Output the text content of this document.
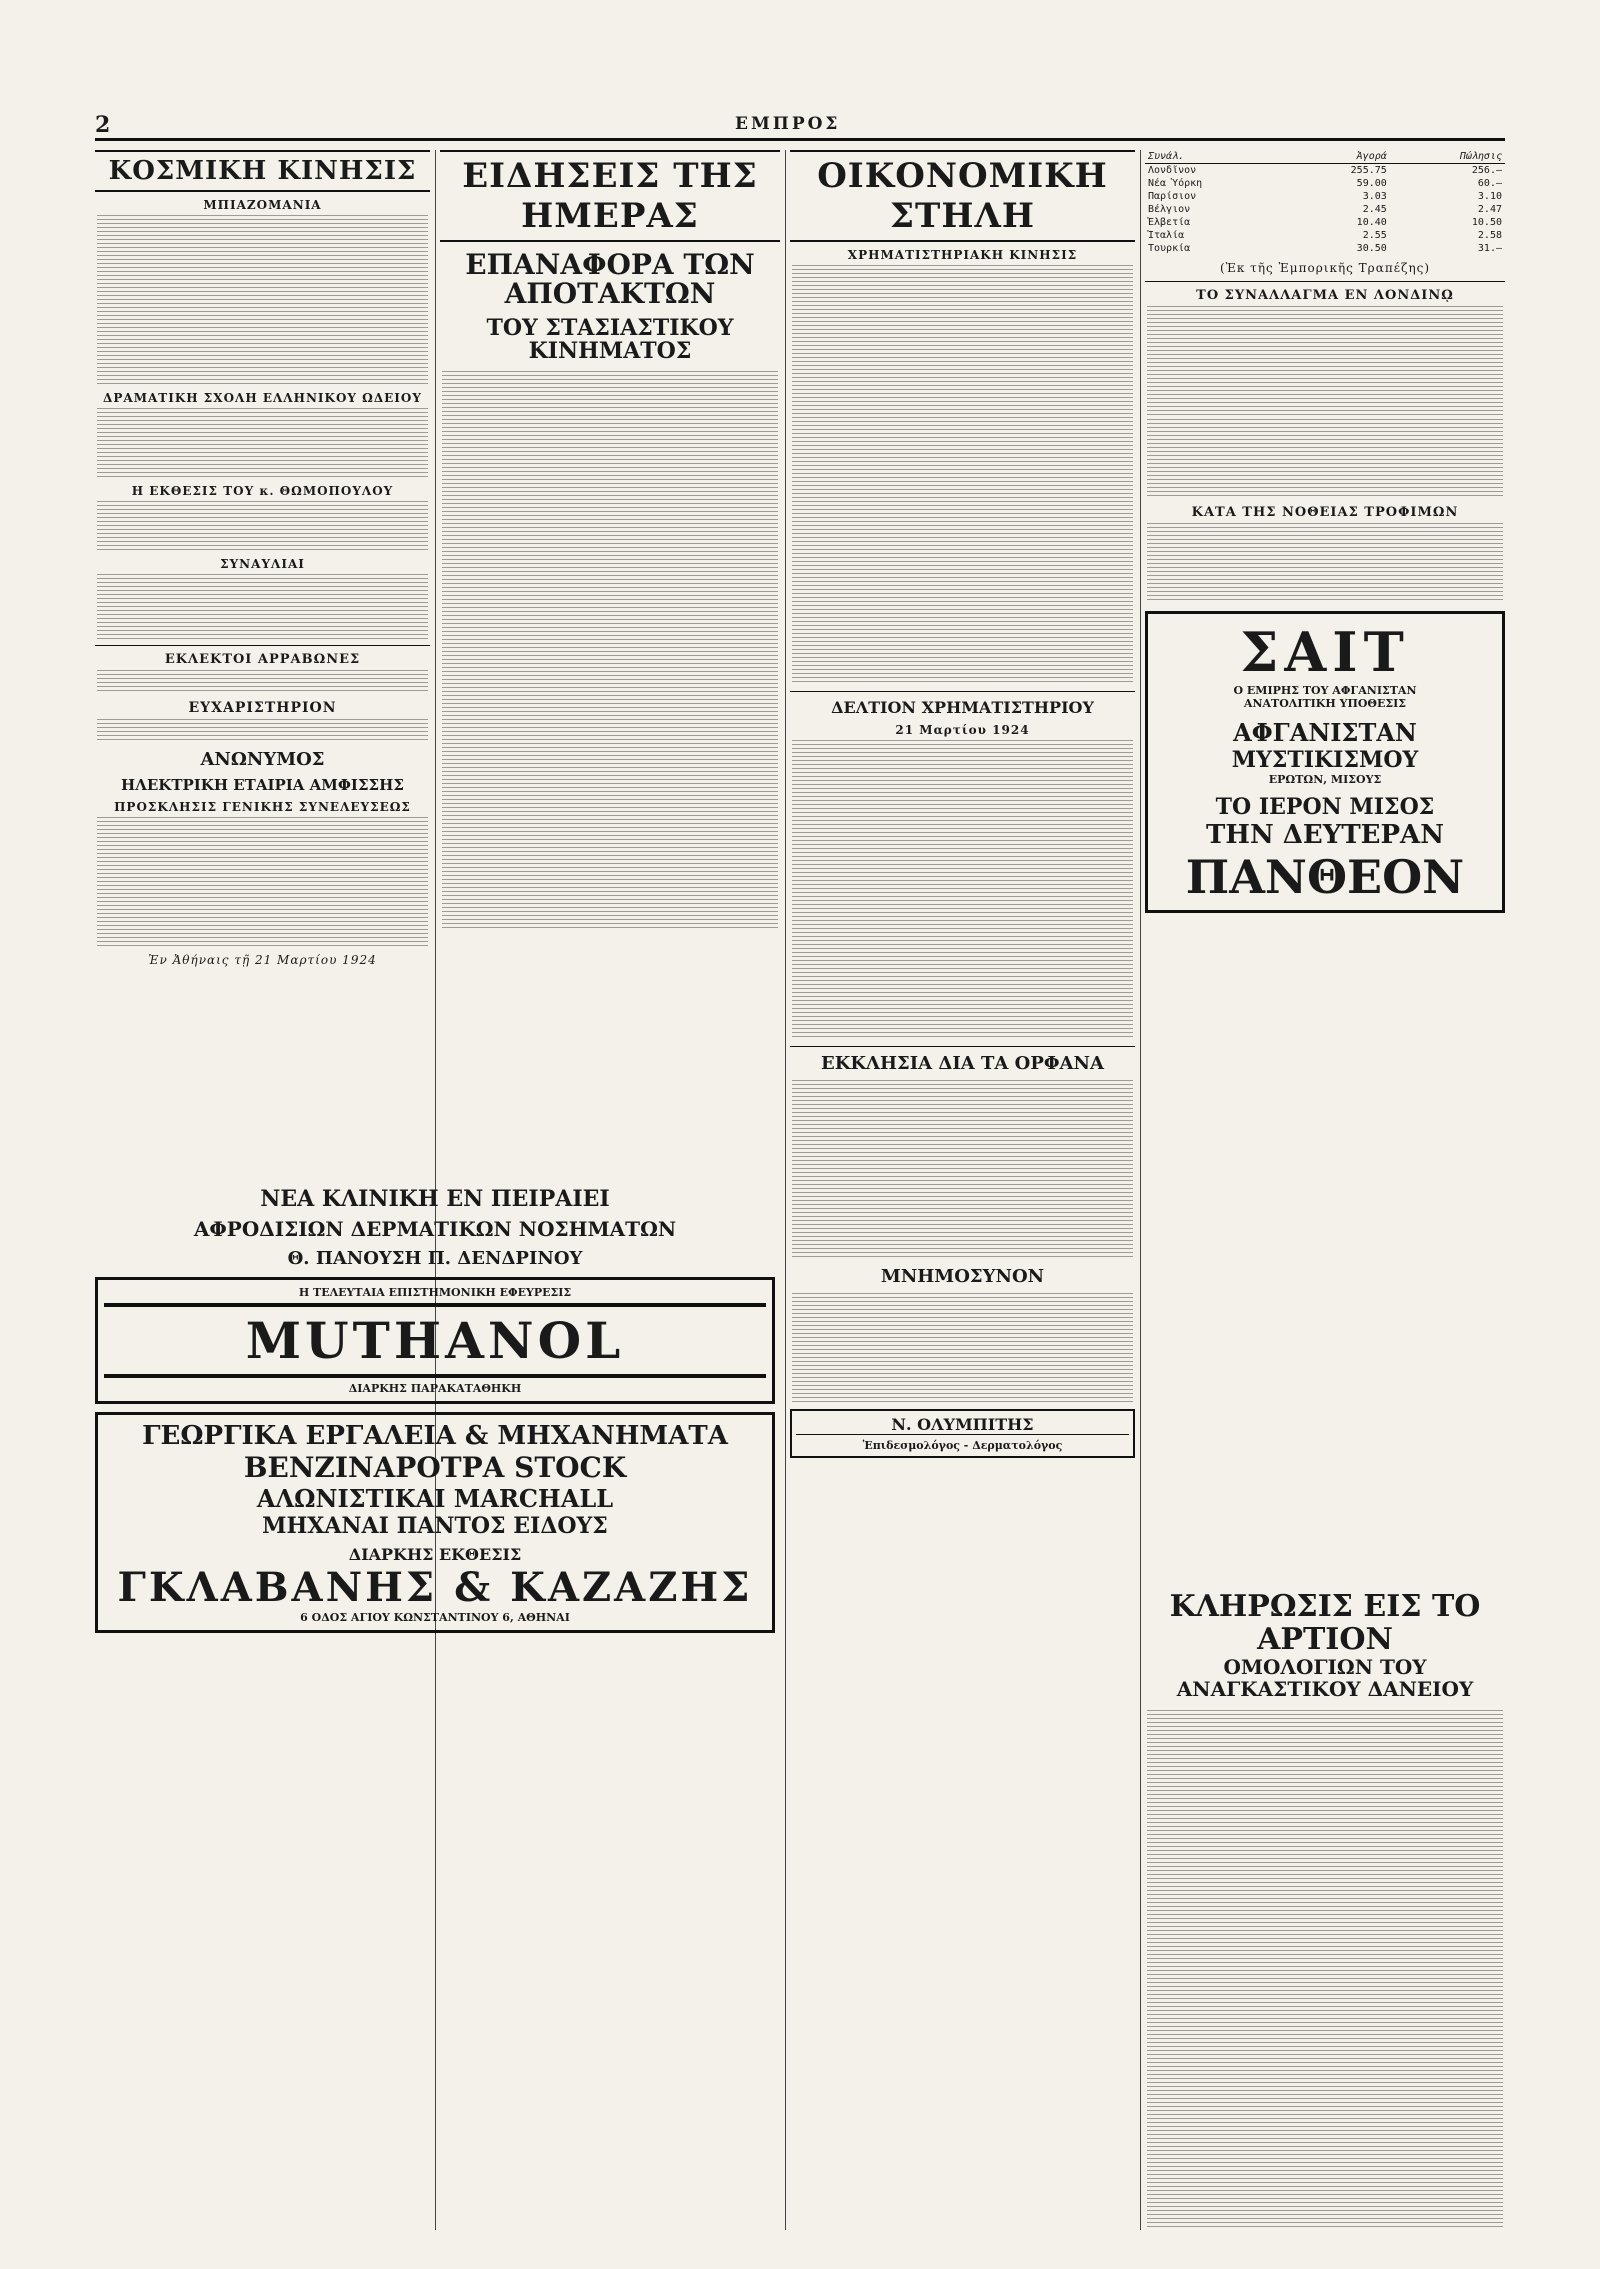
2	ΕΜΠΡΟΣ
ΚΟΣΜΙΚΗ ΚΙΝΗΣΙΣ
ΜΠΙΑΖΟΜΑΝΙΑ
ΔΡΑΜΑΤΙΚΗ ΣΧΟΛΗ ΕΛΛΗΝΙΚΟΥ ΩΔΕΙΟΥ
Η ΕΚΘΕΣΙΣ ΤΟΥ κ. ΘΩΜΟΠΟΥΛΟΥ
ΣΥΝΑΥΛΙΑΙ
ΕΚΛΕΚΤΟΙ ΑΡΡΑΒΩΝΕΣ
ΕΥΧΑΡΙΣΤΗΡΙΟΝ
ΑΝΩΝΥΜΟΣ
ΗΛΕΚΤΡΙΚΗ ΕΤΑΙΡΙΑ ΑΜΦΙΣΣΗΣ
ΠΡΟΣΚΛΗΣΙΣ ΓΕΝΙΚΗΣ ΣΥΝΕΛΕΥΣΕΩΣ
Ἐν Ἀθήναις τῇ 21 Μαρτίου 1924
ΕΙΔΗΣΕΙΣ ΤΗΣ ΗΜΕΡΑΣ
ΕΠΑΝΑΦΟΡΑ ΤΩΝ ΑΠΟΤΑΚΤΩΝ
ΤΟΥ ΣΤΑΣΙΑΣΤΙΚΟΥ ΚΙΝΗΜΑΤΟΣ
ΟΙΚΟΝΟΜΙΚΗ ΣΤΗΛΗ
ΧΡΗΜΑΤΙΣΤΗΡΙΑΚΗ ΚΙΝΗΣΙΣ
ΔΕΛΤΙΟΝ ΧΡΗΜΑΤΙΣΤΗΡΙΟΥ
21 Μαρτίου 1924
ΕΚΚΛΗΣΙΑ ΔΙΑ ΤΑ ΟΡΦΑΝΑ
ΜΝΗΜΟΣΥΝΟΝ
Ν. ΟΛΥΜΠΙΤΗΣ
Ἐπιδεσμολόγος - Δερματολόγος
Συνάλ.	Ἀγορά	Πώλησις
Λονδῖνον	255.75	256.—
Νέα Ὑόρκη	59.00	60.—
Παρίσιον	3.03	3.10
Βέλγιον	2.45	2.47
Ἑλβετία	10.40	10.50
Ἰταλία	2.55	2.58
Τουρκία	30.50	31.—
(Ἐκ τῆς Ἐμπορικῆς Τραπέζης)
ΤΟ ΣΥΝΑΛΛΑΓΜΑ ΕΝ ΛΟΝΔΙΝῼ
ΚΑΤΑ ΤΗΣ ΝΟΘΕΙΑΣ ΤΡΟΦΙΜΩΝ
ΣΑΙΤ
Ο ΕΜΙΡΗΣ ΤΟΥ ΑΦΓΑΝΙΣΤΑΝ
ΑΝΑΤΟΛΙΤΙΚΗ ΥΠΟΘΕΣΙΣ
ΑΦΓΑΝΙΣΤΑΝ
ΜΥΣΤΙΚΙΣΜΟΥ
ΕΡΩΤΩΝ, ΜΙΣΟΥΣ
ΤΟ ΙΕΡΟΝ ΜΙΣΟΣ
ΤΗΝ ΔΕΥΤΕΡΑΝ
ΠΑΝΘΕΟΝ
ΝΕΑ ΚΛΙΝΙΚΗ ΕΝ ΠΕΙΡΑΙΕΙ
ΑΦΡΟΔΙΣΙΩΝ ΔΕΡΜΑΤΙΚΩΝ ΝΟΣΗΜΑΤΩΝ
Θ. ΠΑΝΟΥΣΗ Π. ΔΕΝΔΡΙΝΟΥ
Η ΤΕΛΕΥΤΑΙΑ ΕΠΙΣΤΗΜΟΝΙΚΗ ΕΦΕΥΡΕΣΙΣ
MUTHANOL
ΔΙΑΡΚΗΣ ΠΑΡΑΚΑΤΑΘΗΚΗ
ΓΕΩΡΓΙΚΑ ΕΡΓΑΛΕΙΑ & ΜΗΧΑΝΗΜΑΤΑ
ΒΕΝΖΙΝΑΡΟΤΡΑ STOCK
ΑΛΩΝΙΣΤΙΚΑΙ MARCHALL
ΜΗΧΑΝΑΙ ΠΑΝΤΟΣ ΕΙΔΟΥΣ
ΔΙΑΡΚΗΣ ΕΚΘΕΣΙΣ
ΓΚΛΑΒΑΝΗΣ & ΚΑΖΑΖΗΣ
6 ΟΔΟΣ ΑΓΙΟΥ ΚΩΝΣΤΑΝΤΙΝΟΥ 6, ΑΘΗΝΑΙ	ΚΛΗΡΩΣΙΣ ΕΙΣ ΤΟ ΑΡΤΙΟΝ
ΟΜΟΛΟΓΙΩΝ ΤΟΥ ΑΝΑΓΚΑΣΤΙΚΟΥ ΔΑΝΕΙΟΥ
